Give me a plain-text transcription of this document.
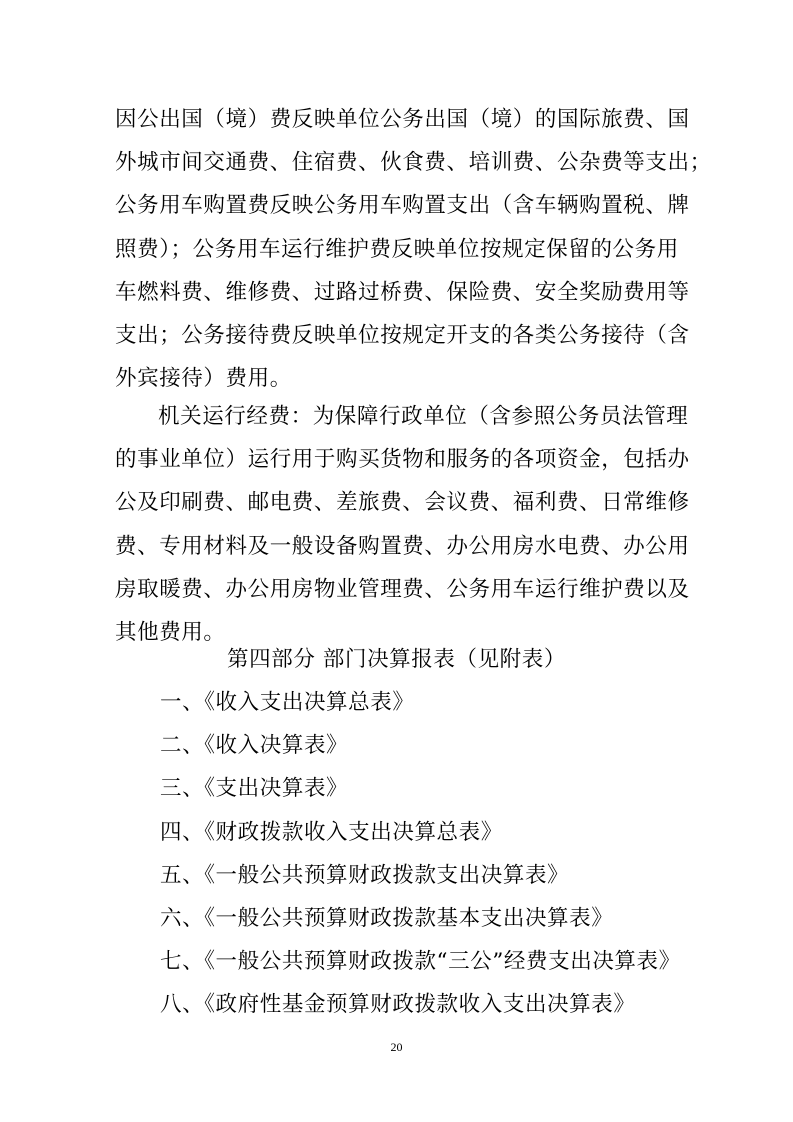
因公出国（境）费反映单位公务出国（境）的国际旅费、国
外城市间交通费、住宿费、伙食费、培训费、公杂费等支出；
公务用车购置费反映公务用车购置支出（含车辆购置税、牌
照费）；公务用车运行维护费反映单位按规定保留的公务用
车燃料费、维修费、过路过桥费、保险费、安全奖励费用等
支出；公务接待费反映单位按规定开支的各类公务接待（含
外宾接待）费用。
机关运行经费：为保障行政单位（含参照公务员法管理
的事业单位）运行用于购买货物和服务的各项资金，包括办
公及印刷费、邮电费、差旅费、会议费、福利费、日常维修
费、专用材料及一般设备购置费、办公用房水电费、办公用
房取暖费、办公用房物业管理费、公务用车运行维护费以及
其他费用。
第四部分 部门决算报表（见附表）
一、《收入支出决算总表》
二、《收入决算表》
三、《支出决算表》
四、《财政拨款收入支出决算总表》
五、《一般公共预算财政拨款支出决算表》
六、《一般公共预算财政拨款基本支出决算表》
七、《一般公共预算财政拨款“三公”经费支出决算表》
八、《政府性基金预算财政拨款收入支出决算表》
20
